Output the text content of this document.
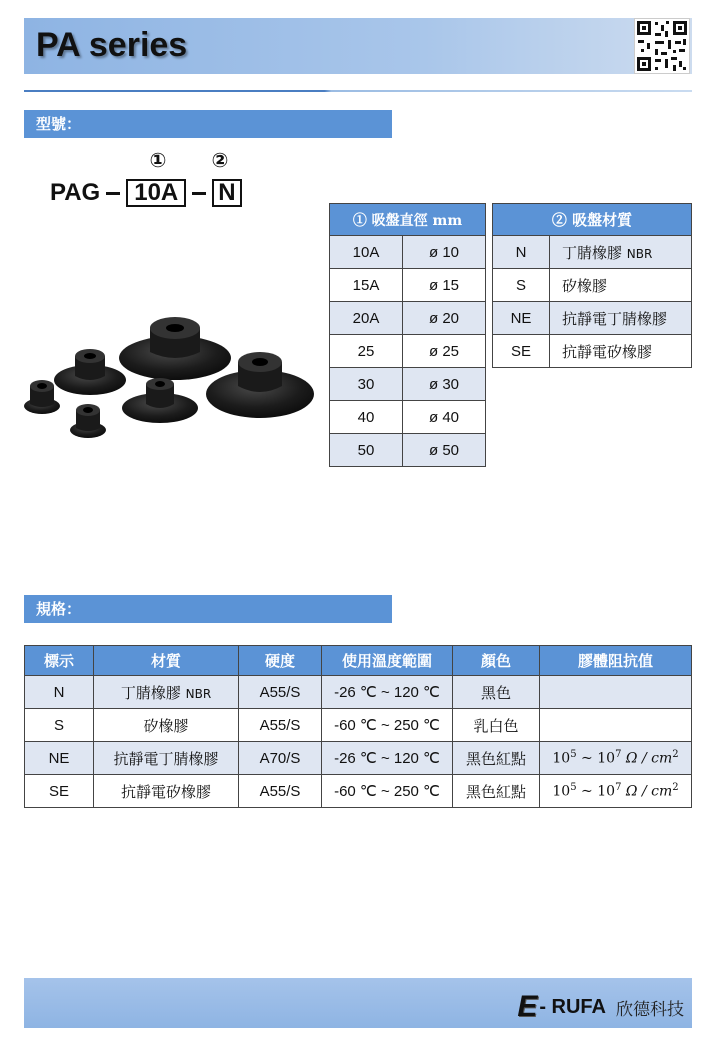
PA series
型號：
① ②
PAG	10A	N
① 吸盤直徑 mm	
10A	ø 10
15A	ø 15
20A	ø 20
25	ø 25
30	ø 30
40	ø 40
50	ø 50
② 吸盤材質	
N	丁腈橡膠 NBR
S	矽橡膠
NE	抗靜電丁腈橡膠
SE	抗靜電矽橡膠
規格：
標示	材質	硬度	使用溫度範圍	顏色	膠體阻抗值
N	丁腈橡膠 NBR	A55/S	-26 ℃ ~ 120 ℃	黑色	
S	矽橡膠	A55/S	-60 ℃ ~ 250 ℃	乳白色	
NE	抗靜電丁腈橡膠	A70/S	-26 ℃ ~ 120 ℃	黑色紅點	$10^5$ ~ $10^7$ Ω / $cm^2$
SE	抗靜電矽橡膠	A55/S	-60 ℃ ~ 250 ℃	黑色紅點	$10^5$ ~ $10^7$ Ω / $cm^2$
E - RUFA 欣德科技
